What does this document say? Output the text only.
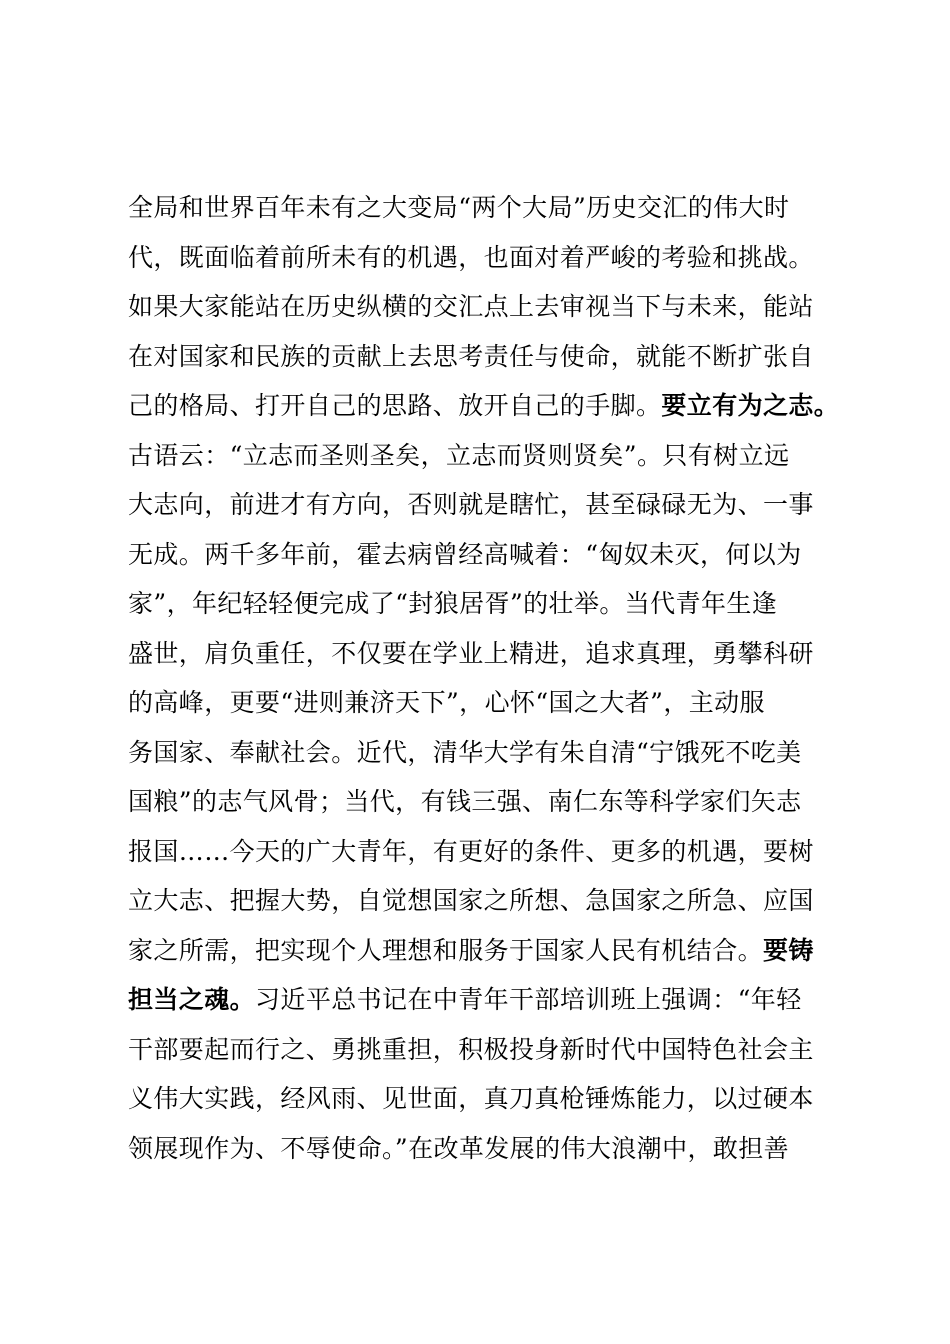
全局和世界百年未有之大变局“两个大局”历史交汇的伟大时
代，既面临着前所未有的机遇，也面对着严峻的考验和挑战。
如果大家能站在历史纵横的交汇点上去审视当下与未来，能站
在对国家和民族的贡献上去思考责任与使命，就能不断扩张自
己的格局、打开自己的思路、放开自己的手脚。要立有为之志。
古语云：“立志而圣则圣矣，立志而贤则贤矣”。只有树立远
大志向，前进才有方向，否则就是瞎忙，甚至碌碌无为、一事
无成。两千多年前，霍去病曾经高喊着：“匈奴未灭，何以为
家”，年纪轻轻便完成了“封狼居胥”的壮举。当代青年生逢
盛世，肩负重任，不仅要在学业上精进，追求真理，勇攀科研
的高峰，更要“进则兼济天下”，心怀“国之大者”，主动服
务国家、奉献社会。近代，清华大学有朱自清“宁饿死不吃美
国粮”的志气风骨；当代，有钱三强、南仁东等科学家们矢志
报国……今天的广大青年，有更好的条件、更多的机遇，要树
立大志、把握大势，自觉想国家之所想、急国家之所急、应国
家之所需，把实现个人理想和服务于国家人民有机结合。要铸
担当之魂。习近平总书记在中青年干部培训班上强调：“年轻
干部要起而行之、勇挑重担，积极投身新时代中国特色社会主
义伟大实践，经风雨、见世面，真刀真枪锤炼能力，以过硬本
领展现作为、不辱使命。”在改革发展的伟大浪潮中，敢担善
